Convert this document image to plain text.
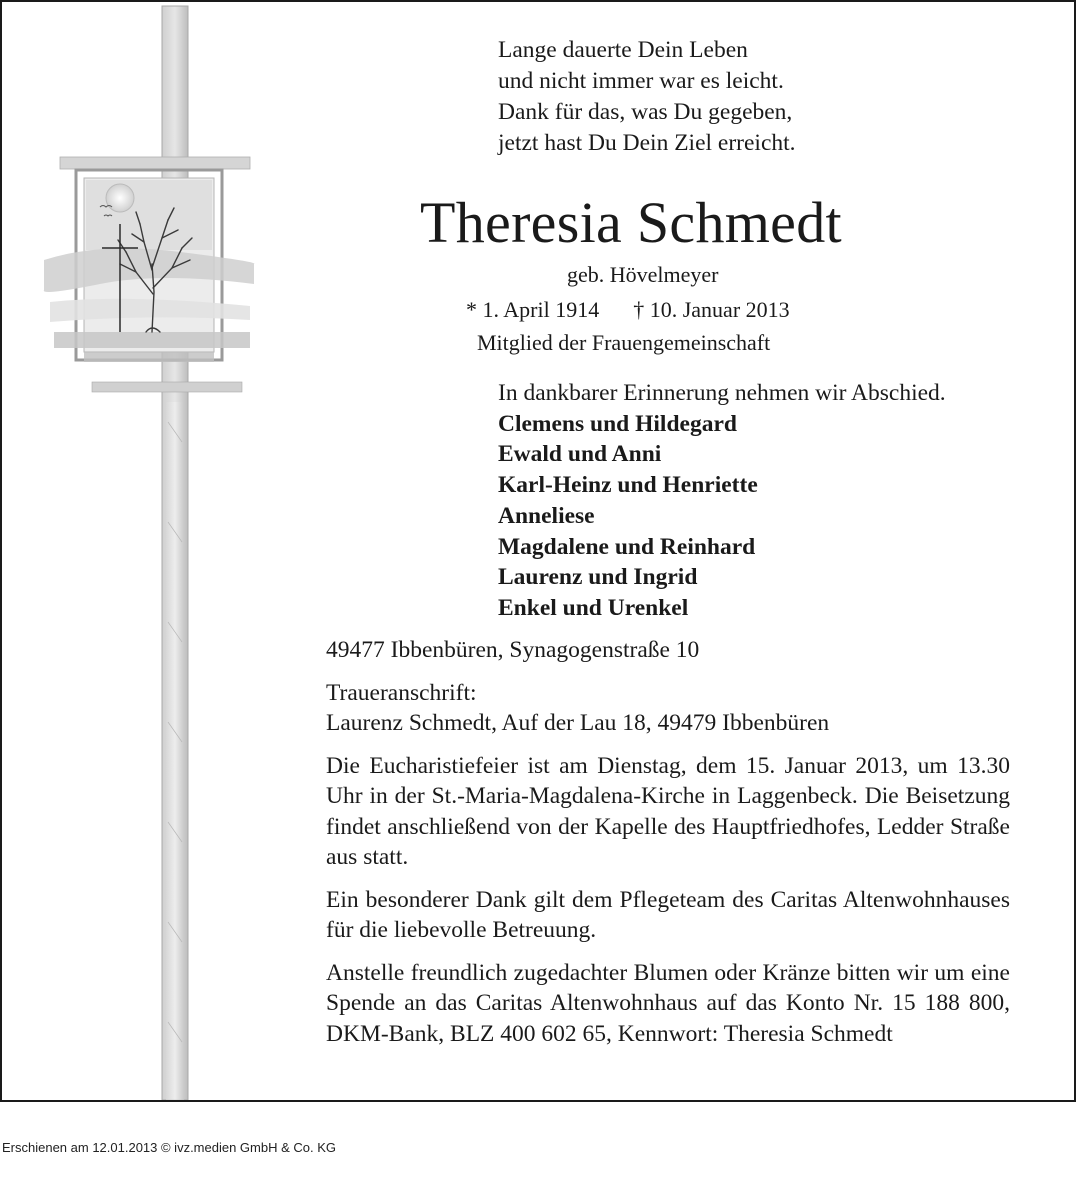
Lange dauerte Dein Leben
und nicht immer war es leicht.
Dank für das, was Du gegeben,
jetzt hast Du Dein Ziel erreicht.
Theresia Schmedt
geb. Hövelmeyer
* 1. April 1914 † 10. Januar 2013
Mitglied der Frauengemeinschaft
In dankbarer Erinnerung nehmen wir Abschied.
Clemens und Hildegard
Ewald und Anni
Karl-Heinz und Henriette
Anneliese
Magdalene und Reinhard
Laurenz und Ingrid
Enkel und Urenkel

49477 Ibbenbüren, Synagogenstraße 10

Traueranschrift:
Laurenz Schmedt, Auf der Lau 18, 49479 Ibbenbüren

Die Eucharistiefeier ist am Dienstag, dem 15. Januar 2013, um 13.30 Uhr in der St.-Maria-Magdalena-Kirche in Laggenbeck. Die Beisetzung findet anschließend von der Kapelle des Hauptfriedhofes, Ledder Straße aus statt.

Ein besonderer Dank gilt dem Pflegeteam des Caritas Altenwohnhauses für die liebevolle Betreuung.

Anstelle freundlich zugedachter Blumen oder Kränze bitten wir um eine Spende an das Caritas Altenwohnhaus auf das Konto Nr. 15 188 800, DKM-Bank, BLZ 400 602 65, Kennwort: Theresia Schmedt

Erschienen am 12.01.2013 © ivz.medien GmbH & Co. KG
